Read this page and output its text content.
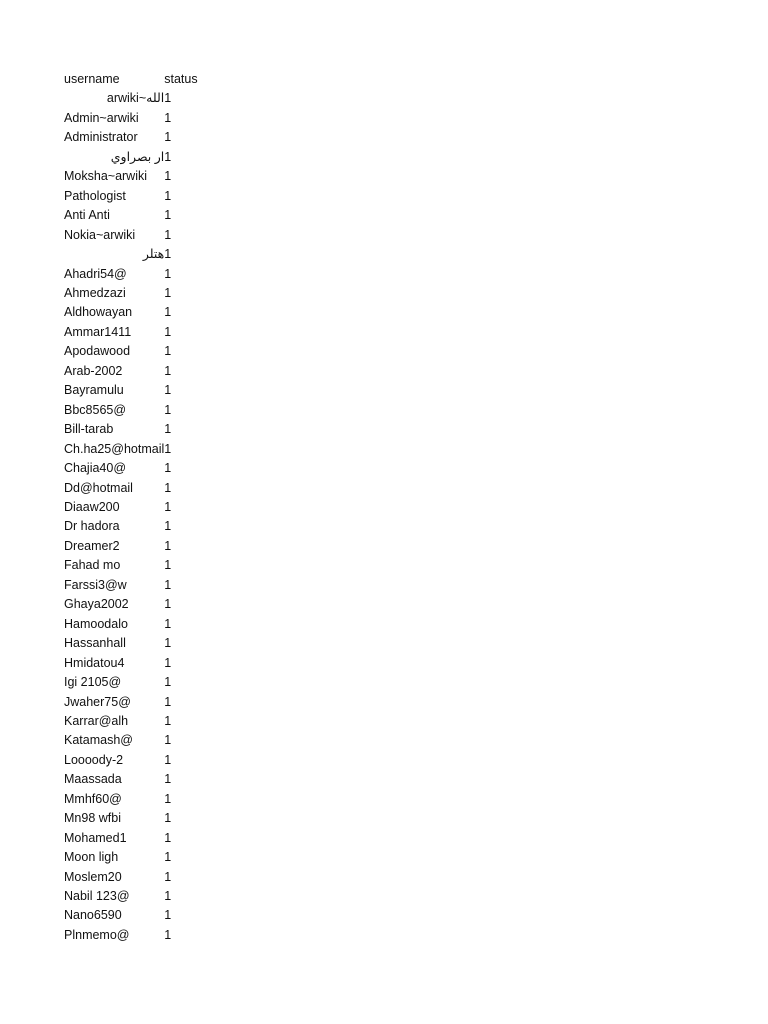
username	status
الله~arwiki	1
Admin~arwiki	1
Administrator	1
ار بصراوي	1
Moksha~arwiki	1
Pathologist	1
Anti Anti	1
Nokia~arwiki	1
هتلر	1
Ahadri54@	1
Ahmedzazi	1
Aldhowayan	1
Ammar1411	1
Apodawood	1
Arab-2002	1
Bayramulu	1
Bbc8565@	1
Bill-tarab	1
Ch.ha25@hotmail	1
Chajia40@	1
Dd@hotmail	1
Diaaw200	1
Dr hadora	1
Dreamer2	1
Fahad mo	1
Farssi3@w	1
Ghaya2002	1
Hamoodalo	1
Hassanhall	1
Hmidatou4	1
Igi 2105@	1
Jwaher75@	1
Karrar@alh	1
Katamash@	1
Loooody-2	1
Maassada	1
Mmhf60@	1
Mn98 wfbi	1
Mohamed1	1
Moon ligh	1
Moslem20	1
Nabil 123@	1
Nano6590	1
Plnmemo@	1
